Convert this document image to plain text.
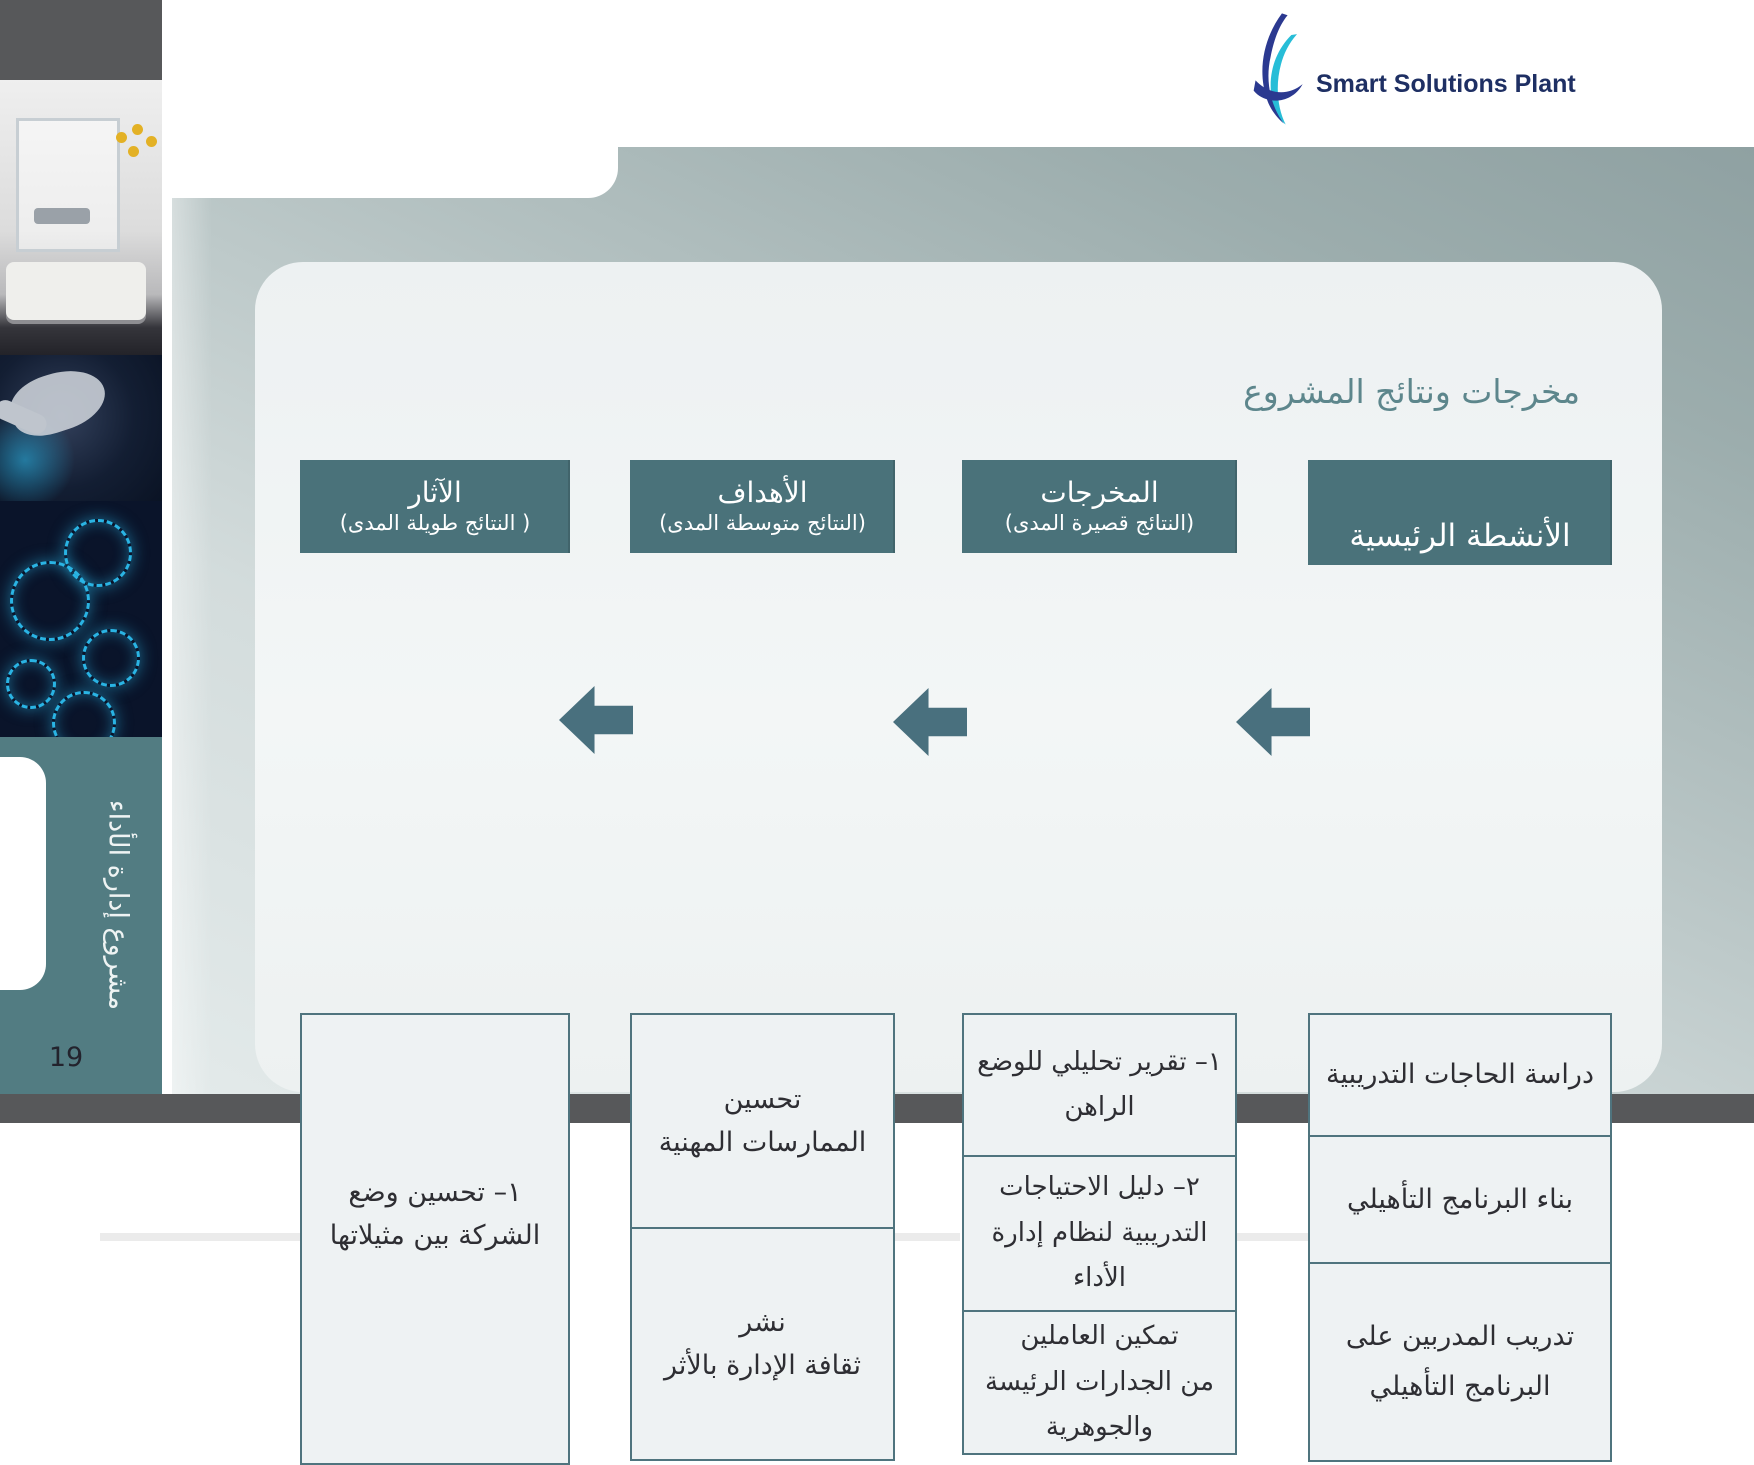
مشروع إدارة الأداء
19
Smart Solutions Plant
مخرجات ونتائج المشروع
الأنشطة الرئيسية
دراسة الحاجات التدريبية
بناء البرنامج التأهيلي
تدريب المدربين على
البرنامج التأهيلي
المخرجات
(النتائج قصيرة المدى)
١– تقرير تحليلي للوضع
الراهن
٢– دليل الاحتياجات
التدريبية لنظام إدارة
الأداء
تمكين العاملين
من الجدارات الرئيسة
والجوهرية
الأهداف
(النتائج متوسطة المدى)
تحسين
الممارسات المهنية
نشر
ثقافة الإدارة بالأثر
الآثار
( النتائج طويلة المدى)
١– تحسين وضع
الشركة بين مثيلاتها
